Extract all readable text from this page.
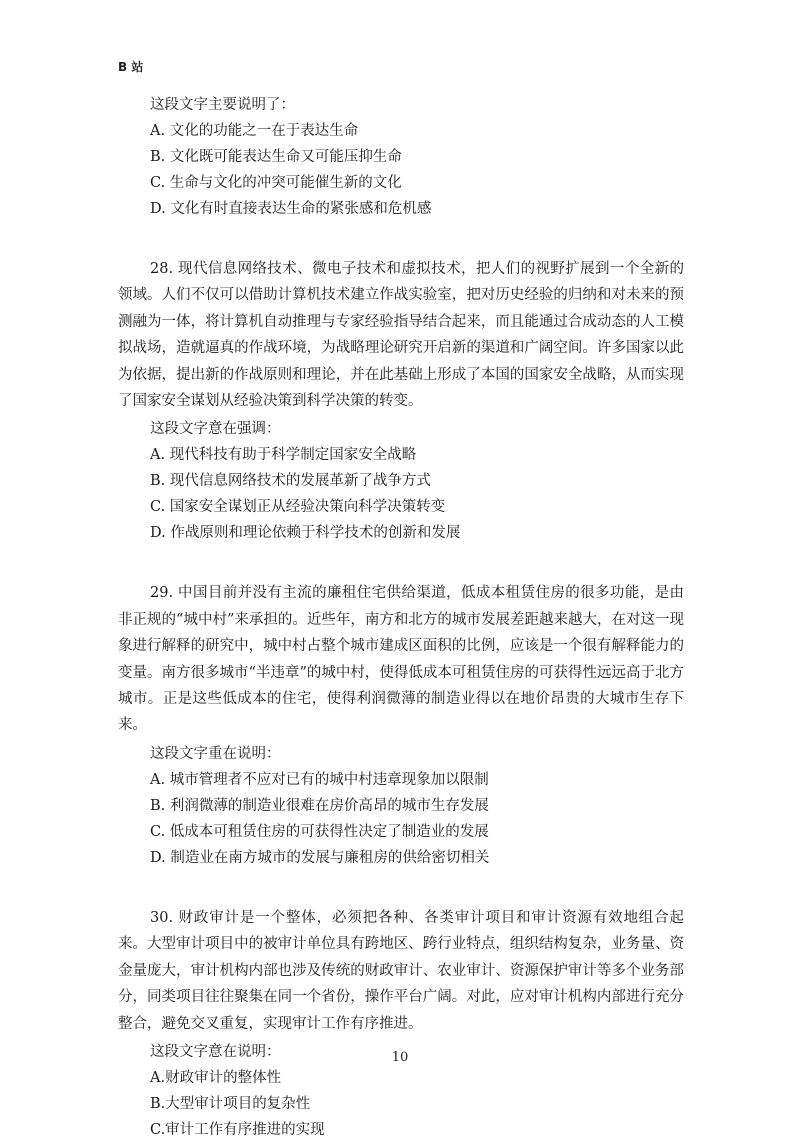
B 站
这段文字主要说明了：
A. 文化的功能之一在于表达生命
B. 文化既可能表达生命又可能压抑生命
C. 生命与文化的冲突可能催生新的文化
D. 文化有时直接表达生命的紧张感和危机感

28. 现代信息网络技术、微电子技术和虚拟技术，把人们的视野扩展到一个全新的领域。人们不仅可以借助计算机技术建立作战实验室，把对历史经验的归纳和对未来的预测融为一体，将计算机自动推理与专家经验指导结合起来，而且能通过合成动态的人工模拟战场，造就逼真的作战环境，为战略理论研究开启新的渠道和广阔空间。许多国家以此为依据，提出新的作战原则和理论，并在此基础上形成了本国的国家安全战略，从而实现了国家安全谋划从经验决策到科学决策的转变。

这段文字意在强调：
A. 现代科技有助于科学制定国家安全战略
B. 现代信息网络技术的发展革新了战争方式
C. 国家安全谋划正从经验决策向科学决策转变
D. 作战原则和理论依赖于科学技术的创新和发展

29. 中国目前并没有主流的廉租住宅供给渠道，低成本租赁住房的很多功能，是由非正规的“城中村”来承担的。近些年，南方和北方的城市发展差距越来越大，在对这一现象进行解释的研究中，城中村占整个城市建成区面积的比例，应该是一个很有解释能力的变量。南方很多城市“半违章”的城中村，使得低成本可租赁住房的可获得性远远高于北方城市。正是这些低成本的住宅，使得利润微薄的制造业得以在地价昂贵的大城市生存下来。

这段文字重在说明：
A. 城市管理者不应对已有的城中村违章现象加以限制
B. 利润微薄的制造业很难在房价高昂的城市生存发展
C. 低成本可租赁住房的可获得性决定了制造业的发展
D. 制造业在南方城市的发展与廉租房的供给密切相关

30. 财政审计是一个整体，必须把各种、各类审计项目和审计资源有效地组合起来。大型审计项目中的被审计单位具有跨地区、跨行业特点，组织结构复杂，业务量、资金量庞大，审计机构内部也涉及传统的财政审计、农业审计、资源保护审计等多个业务部分，同类项目往往聚集在同一个省份，操作平台广阔。对此，应对审计机构内部进行充分整合，避免交叉重复，实现审计工作有序推进。

这段文字意在说明：
A.财政审计的整体性
B.大型审计项目的复杂性
C.审计工作有序推进的实现
10
